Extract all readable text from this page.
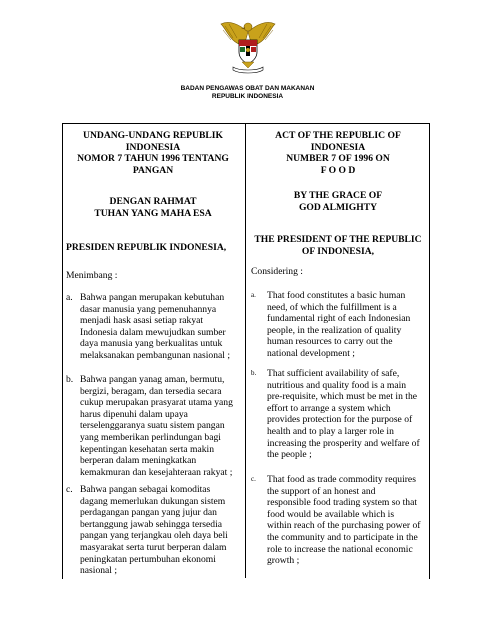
BADAN PENGAWAS OBAT DAN MAKANAN
REPUBLIK INDONESIA
UNDANG-UNDANG REPUBLIK
INDONESIA
NOMOR 7 TAHUN 1996 TENTANG
PANGAN
DENGAN RAHMAT
TUHAN YANG MAHA ESA
PRESIDEN REPUBLIK INDONESIA,
Menimbang :
a. Bahwa pangan merupakan kebutuhan
dasar manusia yang pemenuhannya
menjadi hask asasi setiap rakyat
Indonesia dalam mewujudkan sumber
daya manusia yang berkualitas untuk
melaksanakan pembangunan nasional ;
b. Bahwa pangan yanag aman, bermutu,
bergizi, beragam, dan tersedia secara
cukup merupakan prasyarat utama yang
harus dipenuhi dalam upaya
terselenggaranya suatu sistem pangan
yang memberikan perlindungan bagi
kepentingan kesehatan serta makin
berperan dalam meningkatkan
kemakmuran dan kesejahteraan rakyat ;
c. Bahwa pangan sebagai komoditas
dagang memerlukan dukungan sistem
perdagangan pangan yang jujur dan
bertanggung jawab sehingga tersedia
pangan yang terjangkau oleh daya beli
masyarakat serta turut berperan dalam
peningkatan pertumbuhan ekonomi
nasional ;
ACT OF THE REPUBLIC OF
INDONESIA
NUMBER 7 OF 1996 ON
F O O D
BY THE GRACE OF
GOD ALMIGHTY
THE PRESIDENT OF THE REPUBLIC
OF INDONESIA,
Considering :
a.	That food constitutes a basic human
need, of which the fulfillment is a
fundamental right of each Indonesian
people, in the realization of quality
human resources to carry out the
national development ;
b.	That sufficient availability of safe,
nutritious and quality food is a main
pre-requisite, which must be met in the
effort to arrange a system which
provides protection for the purpose of
health and to play a larger role in
increasing the prosperity and welfare of
the people ;
c.	That food as trade commodity requires
the support of an honest and
responsible food trading system so that
food would be available which is
within reach of the purchasing power of
the community and to participate in the
role to increase the national economic
growth ;
